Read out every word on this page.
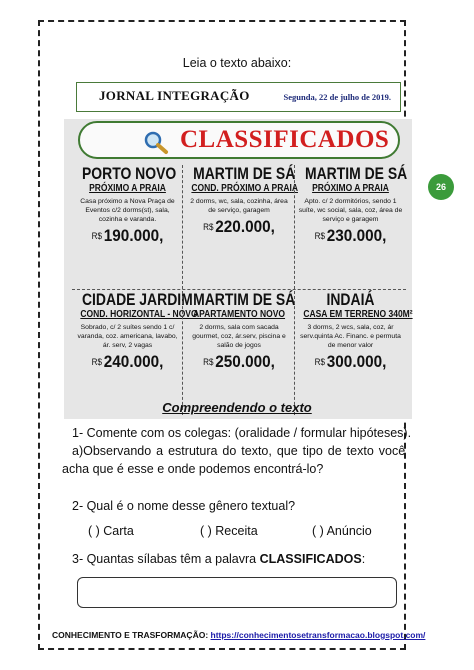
Leia o texto abaixo:
JORNAL INTEGRAÇÃO	Segunda, 22 de julho de 2019.
CLASSIFICADOS
PORTO NOVO
PRÓXIMO A PRAIA
Casa próximo a Nova Praça de Eventos c/2 dorms(st), sala, cozinha e varanda.
R$ 190.000,
MARTIM DE SÁ
COND. PRÓXIMO A PRAIA
2 dorms, wc, sala, cozinha, área de serviço, garagem
R$ 220.000,
MARTIM DE SÁ
PRÓXIMO A PRAIA
Apto. c/ 2 dormitórios, sendo 1 suíte, wc social, sala, coz, área de serviço e garagem
R$ 230.000,
CIDADE JARDIM
COND. HORIZONTAL - NOVO
Sobrado, c/ 2 suítes sendo 1 c/ varanda, coz. americana, lavabo, ár. serv, 2 vagas
R$ 240.000,
MARTIM DE SÁ
APARTAMENTO NOVO
2 dorms, sala com sacada gourmet, coz, ár.serv, piscina e salão de jogos
R$ 250.000,
INDAIÁ
CASA EM TERRENO 340M²
3 dorms, 2 wcs, sala, coz, ár serv.quinta Ac. Financ. e permuta de menor valor
R$ 300.000,
26
Compreendendo o texto
1- Comente com os colegas: (oralidade / formular hipóteses).
a)Observando a estrutura do texto, que tipo de texto você
acha que é esse e onde podemos encontrá-lo?
2- Qual é o nome desse gênero textual?
( ) Carta	( ) Receita	( ) Anúncio
3- Quantas sílabas têm a palavra CLASSIFICADOS:
CONHECIMENTO E TRASFORMAÇÃO: https://conhecimentosetransformacao.blogspot.com/
